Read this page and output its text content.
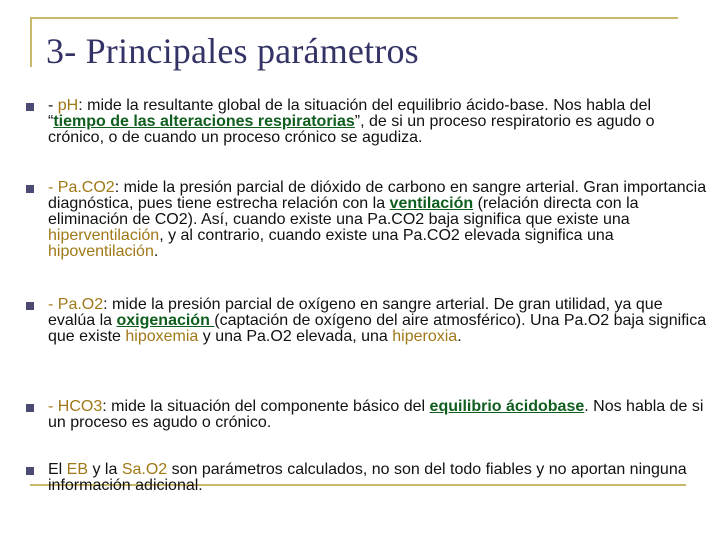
3- Principales parámetros
- pH: mide la resultante global de la situación del equilibrio ácido-base. Nos habla del “tiempo de las alteraciones respiratorias”, de si un proceso respiratorio es agudo o crónico, o de cuando un proceso crónico se agudiza.
- Pa.CO2: mide la presión parcial de dióxido de carbono en sangre arterial. Gran importancia diagnóstica, pues tiene estrecha relación con la ventilación (relación directa con la eliminación de CO2). Así, cuando existe una Pa.CO2 baja significa que existe una hiperventilación, y al contrario, cuando existe una Pa.CO2 elevada significa una hipoventilación.
- Pa.O2: mide la presión parcial de oxígeno en sangre arterial. De gran utilidad, ya que evalúa la oxigenación (captación de oxígeno del aire atmosférico). Una Pa.O2 baja significa que existe hipoxemia y una Pa.O2 elevada, una hiperoxia.
- HCO3: mide la situación del componente básico del equilibrio ácidobase. Nos habla de si un proceso es agudo o crónico.
El EB y la Sa.O2 son parámetros calculados, no son del todo fiables y no aportan ninguna información adicional.
